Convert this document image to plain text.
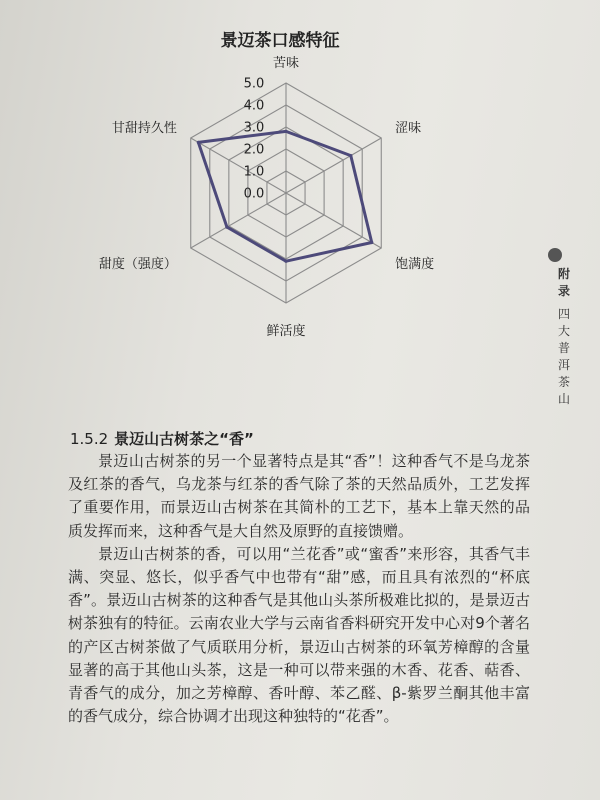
景迈茶口感特征
0.0
1.0
2.0
3.0
4.0
5.0
苦味
涩味
饱满度
鲜活度
甜度（强度）
甘甜持久性
附
录
四
大
普
洱
茶
山
1.5.2 景迈山古树茶之“香”

景迈山古树茶的另一个显著特点是其“香”！这种香气不是乌龙茶及红茶的香气，乌龙茶与红茶的香气除了茶的天然品质外，工艺发挥了重要作用，而景迈山古树茶在其简朴的工艺下，基本上靠天然的品质发挥而来，这种香气是大自然及原野的直接馈赠。

景迈山古树茶的香，可以用“兰花香”或“蜜香”来形容，其香气丰满、突显、悠长，似乎香气中也带有“甜”感，而且具有浓烈的“杯底香”。景迈山古树茶的这种香气是其他山头茶所极难比拟的，是景迈古树茶独有的特征。云南农业大学与云南省香料研究开发中心对9个著名的产区古树茶做了气质联用分析，景迈山古树茶的环氧芳樟醇的含量显著的高于其他山头茶，这是一种可以带来强的木香、花香、萜香、青香气的成分，加之芳樟醇、香叶醇、苯乙醛、β-紫罗兰酮其他丰富的香气成分，综合协调才出现这种独特的“花香”。
